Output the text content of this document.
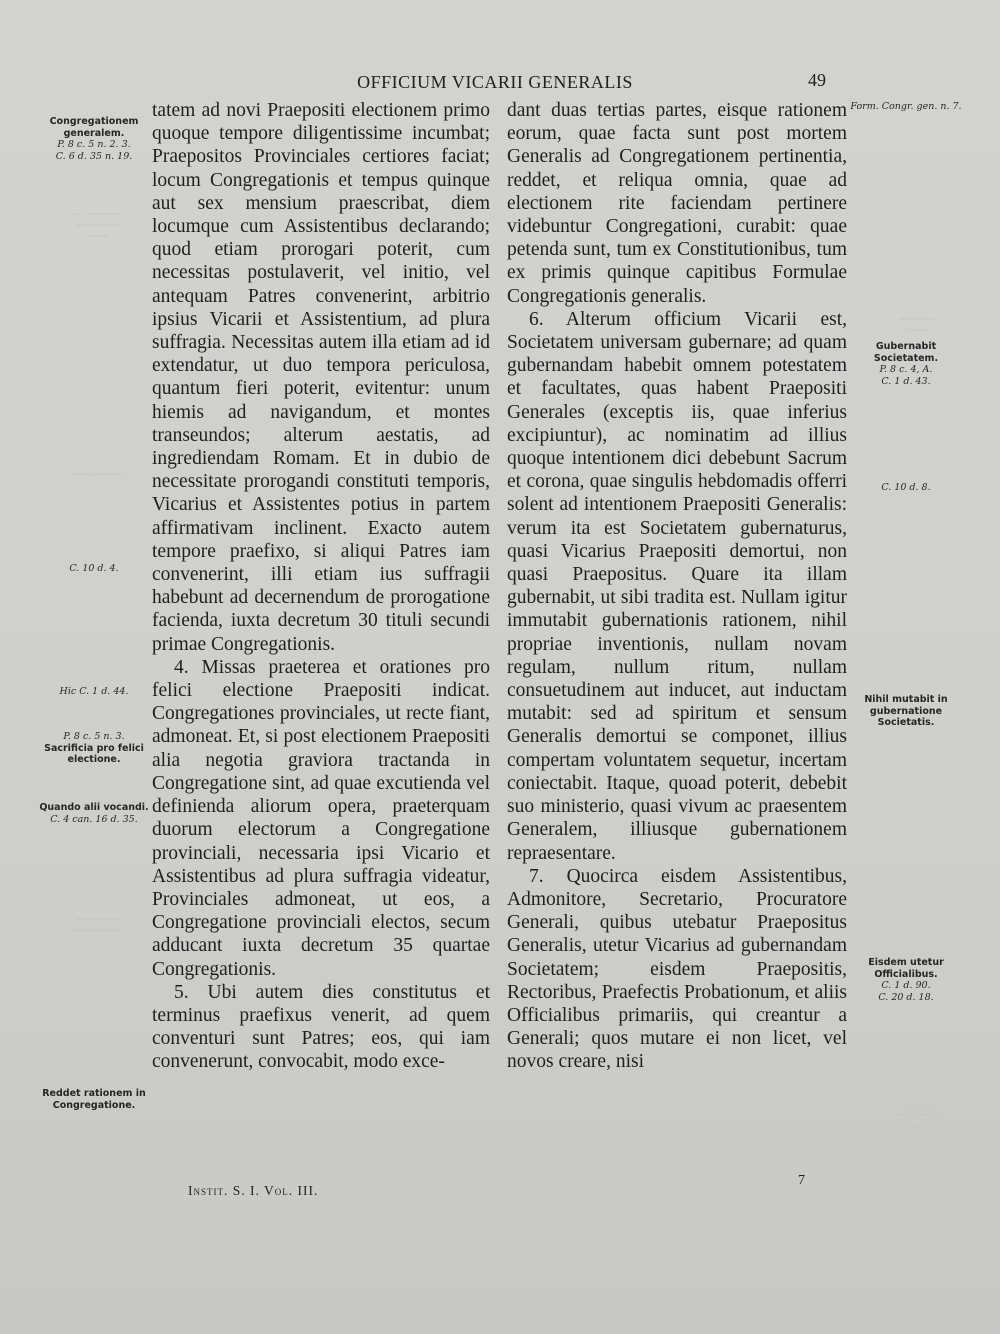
~ ~~~~~
~~~~~~
~~~
~~~~~~~
~~~~~~
~~~~~~~
~~~~~
~~~
~~~~~
~~~~~~
~~~
OFFICIUM VICARII GENERALIS	49
Congregationem generalem.
P. 8 c. 5 n. 2. 3.
C. 6 d. 35 n. 19.
C. 10 d. 4.
Hic C. 1 d. 44.
P. 8 c. 5 n. 3.
Sacrificia pro felici electione.
Quando alii vocandi.
C. 4 can. 16 d. 35.
Reddet rationem in Congregatione.

tatem ad novi Praepositi electionem primo quoque tempore diligentissime incumbat; Praepositos Provinciales certiores faciat; locum Congregationis et tempus quinque aut sex mensium praescribat, diem locumque cum Assistentibus declarando; quod etiam prorogari poterit, cum necessitas postulaverit, vel initio, vel antequam Patres convenerint, arbitrio ipsius Vicarii et Assistentium, ad plura suffragia. Necessitas autem illa etiam ad id extendatur, ut duo tempora periculosa, quantum fieri poterit, evitentur: unum hiemis ad navigandum, et montes transeundos; alterum aestatis, ad ingrediendam Romam. Et in dubio de necessitate prorogandi constituti temporis, Vicarius et Assistentes potius in partem affirmativam inclinent. Exacto autem tempore praefixo, si aliqui Patres iam convenerint, illi etiam ius suffragii habebunt ad decernendum de prorogatione facienda, iuxta decretum 30 tituli secundi primae Congregationis.

4. Missas praeterea et orationes pro felici electione Praepositi indicat. Congregationes provinciales, ut recte fiant, admoneat. Et, si post electionem Praepositi alia negotia graviora tractanda in Congregatione sint, ad quae excutienda vel definienda aliorum opera, praeterquam duorum electorum a Congregatione provinciali, necessaria ipsi Vicario et Assistentibus ad plura suffragia videatur, Provinciales admoneat, ut eos, a Congregatione provinciali electos, secum adducant iuxta decretum 35 quartae Congregationis.

5. Ubi autem dies constitutus et terminus praefixus venerit, ad quem conventuri sunt Patres; eos, qui iam convenerunt, convocabit, modo exce-

dant duas tertias partes, eisque rationem eorum, quae facta sunt post mortem Generalis ad Congregationem pertinentia, reddet, et reliqua omnia, quae ad electionem rite faciendam pertinere videbuntur Congregationi, curabit: quae petenda sunt, tum ex Constitutionibus, tum ex primis quinque capitibus Formulae Congregationis generalis.

6. Alterum officium Vicarii est, Societatem universam gubernare; ad quam gubernandam habebit omnem potestatem et facultates, quas habent Praepositi Generales (exceptis iis, quae inferius excipiuntur), ac nominatim ad illius quoque intentionem dici debebunt Sacrum et corona, quae singulis hebdomadis offerri solent ad intentionem Praepositi Generalis: verum ita est Societatem gubernaturus, quasi Vicarius Praepositi demortui, non quasi Praepositus. Quare ita illam gubernabit, ut sibi tradita est. Nullam igitur immutabit gubernationis rationem, nihil propriae inventionis, nullam novam regulam, nullum ritum, nullam consuetudinem aut inducet, aut inductam mutabit: sed ad spiritum et sensum Generalis demortui se componet, illius compertam voluntatem sequetur, incertam coniectabit. Itaque, quoad poterit, debebit suo ministerio, quasi vivum ac praesentem Generalem, illiusque gubernationem repraesentare.

7. Quocirca eisdem Assistentibus, Admonitore, Secretario, Procuratore Generali, quibus utebatur Praepositus Generalis, utetur Vicarius ad gubernandam Societatem; eisdem Praepositis, Rectoribus, Praefectis Probationum, et aliis Officialibus primariis, qui creantur a Generali; quos mutare ei non licet, vel novos creare, nisi

Form. Congr. gen. n. 7.
Gubernabit Societatem.
P. 8 c. 4, A.
C. 1 d. 43.
C. 10 d. 8.
Nihil mutabit in gubernatione Societatis.
Eisdem utetur Officialibus.
C. 1 d. 90.
C. 20 d. 18.
Instit. S. I. Vol. III.
7
